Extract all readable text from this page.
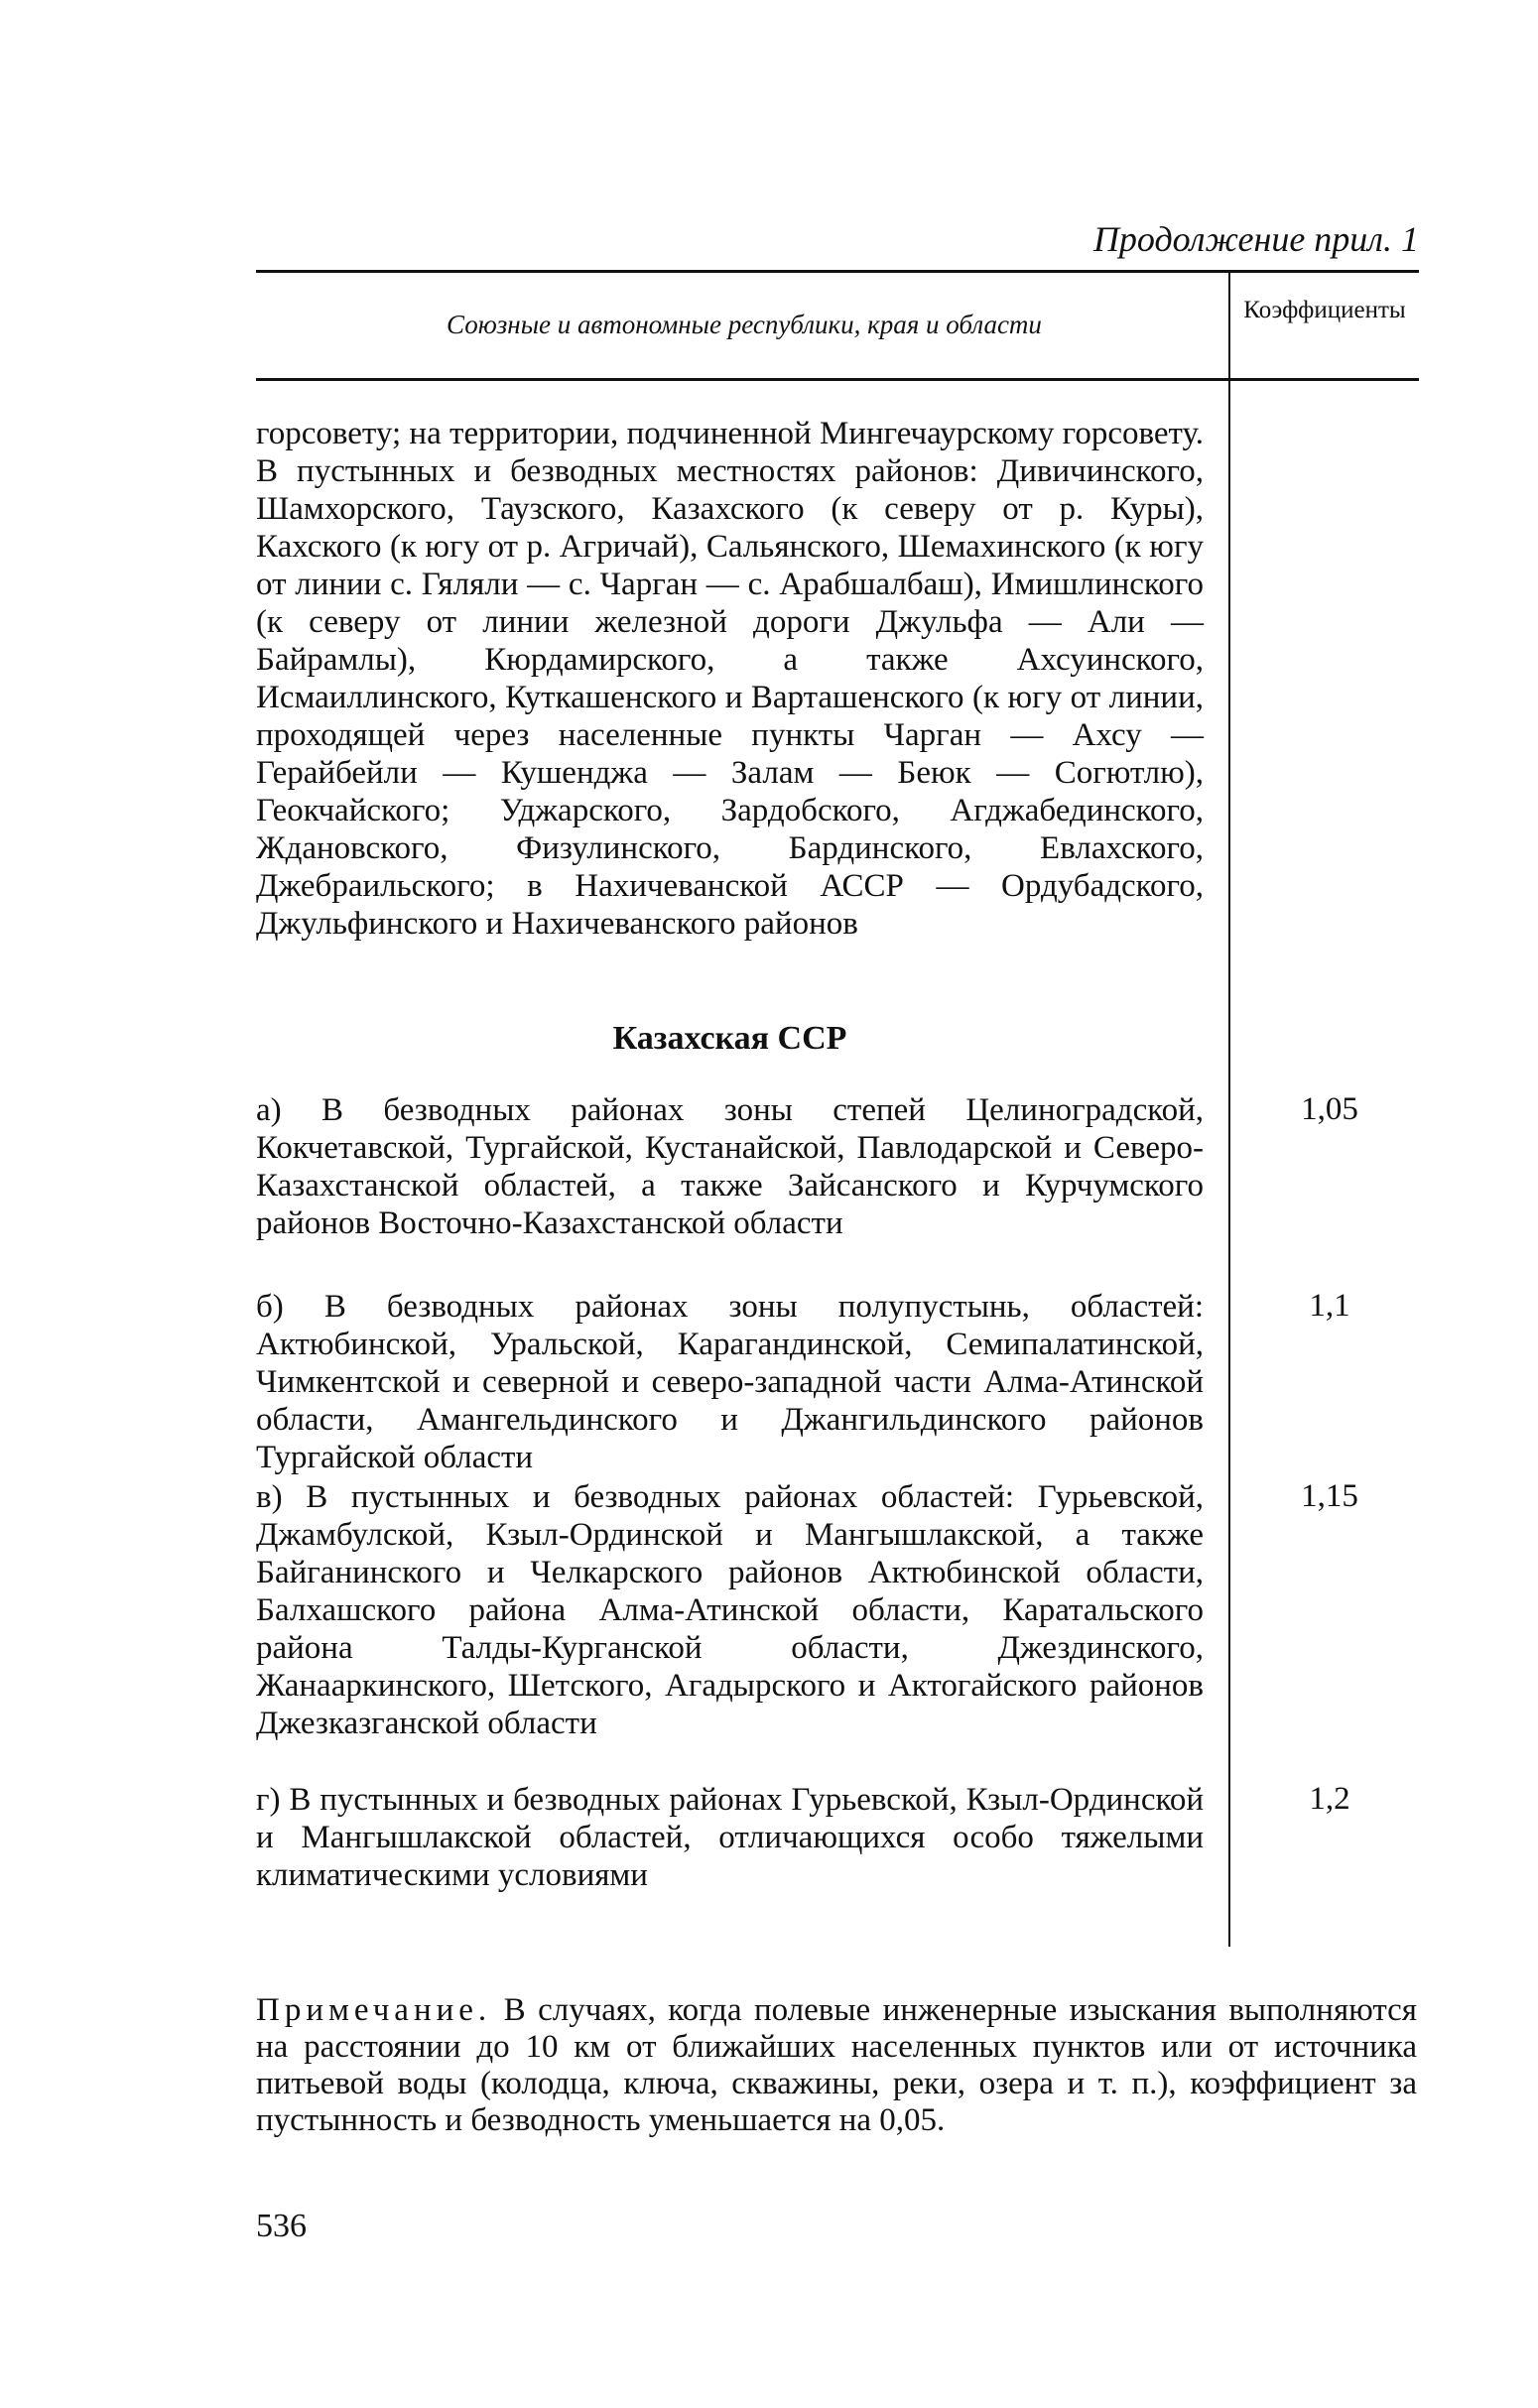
Продолжение прил. 1
Союзные и автономные республики, края и области	Коэффициенты
горсовету; на территории, подчиненной Мингечаурскому горсовету. В пустынных и безводных местностях районов: Дивичинского, Шамхорского, Таузского, Казахского (к северу от р. Куры), Кахского (к югу от р. Агричай), Сальянского, Шемахинского (к югу от линии с. Гяляли — с. Чарган — с. Арабшалбаш), Имишлинского (к северу от линии железной дороги Джульфа — Али — Байрамлы), Кюрдамирского, а также Ахсуинского, Исмаиллинского, Куткашенского и Варташенского (к югу от линии, проходящей через населенные пункты Чарган — Ахсу — Герайбейли — Кушенджа — Залам — Беюк — Согютлю), Геокчайского; Уджарского, Зардобского, Агджабединского, Ждановского, Физулинского, Бардинского, Евлахского, Джебраильского; в Нахичеванской АССР — Ордубадского, Джульфинского и Нахичеванского районов
Казахская ССР
а) В безводных районах зоны степей Целиноградской, Кокчетавской, Тургайской, Кустанайской, Павлодарской и Северо-Казахстанской областей, а также Зайсанского и Курчумского районов Восточно-Казахстанской области
1,05
б) В безводных районах зоны полупустынь, областей: Актюбинской, Уральской, Карагандинской, Семипалатинской, Чимкентской и северной и северо-западной части Алма-Атинской области, Амангельдинского и Джангильдинского районов Тургайской области
1,1
в) В пустынных и безводных районах областей: Гурьевской, Джамбулской, Кзыл-Ординской и Мангышлакской, а также Байганинского и Челкарского районов Актюбинской области, Балхашского района Алма-Атинской области, Каратальского района Талды-Курганской области, Джездинского, Жанааркинского, Шетского, Агадырского и Актогайского районов Джезказганской области
1,15
г) В пустынных и безводных районах Гурьевской, Кзыл-Ординской и Мангышлакской областей, отличающихся особо тяжелыми климатическими условиями
1,2
Примечание. В случаях, когда полевые инженерные изыскания выполняются на расстоянии до 10 км от ближайших населенных пунктов или от источника питьевой воды (колодца, ключа, скважины, реки, озера и т. п.), коэффициент за пустынность и безводность уменьшается на 0,05.
536
